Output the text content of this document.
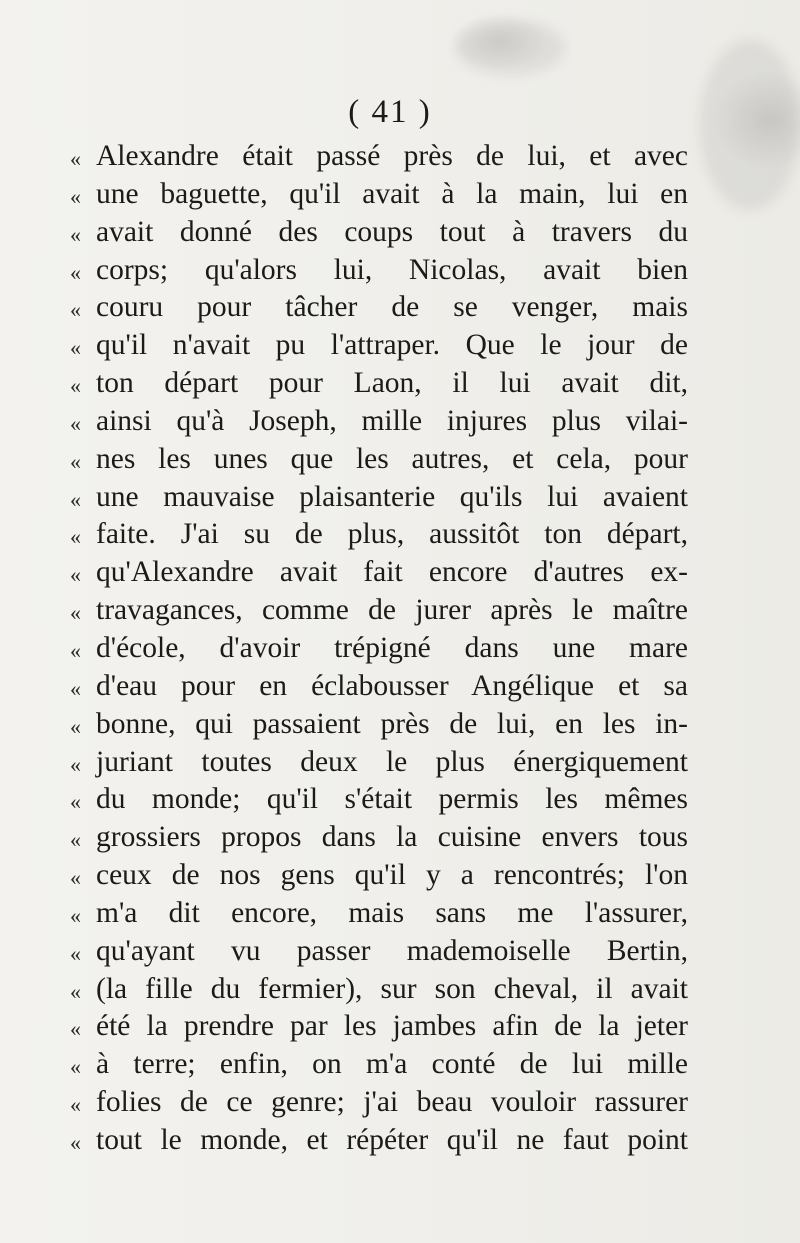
( 41 )
« Alexandre était passé près de lui, et avec
« une baguette, qu'il avait à la main, lui en
« avait donné des coups tout à travers du
« corps; qu'alors lui, Nicolas, avait bien
« couru pour tâcher de se venger, mais
« qu'il n'avait pu l'attraper. Que le jour de
« ton départ pour Laon, il lui avait dit,
« ainsi qu'à Joseph, mille injures plus vilai-
« nes les unes que les autres, et cela, pour
« une mauvaise plaisanterie qu'ils lui avaient
« faite. J'ai su de plus, aussitôt ton départ,
« qu'Alexandre avait fait encore d'autres ex-
« travagances, comme de jurer après le maître
« d'école, d'avoir trépigné dans une mare
« d'eau pour en éclabousser Angélique et sa
« bonne, qui passaient près de lui, en les in-
« juriant toutes deux le plus énergiquement
« du monde; qu'il s'était permis les mêmes
« grossiers propos dans la cuisine envers tous
« ceux de nos gens qu'il y a rencontrés; l'on
« m'a dit encore, mais sans me l'assurer,
« qu'ayant vu passer mademoiselle Bertin,
« (la fille du fermier), sur son cheval, il avait
« été la prendre par les jambes afin de la jeter
« à terre; enfin, on m'a conté de lui mille
« folies de ce genre; j'ai beau vouloir rassurer
« tout le monde, et répéter qu'il ne faut point
